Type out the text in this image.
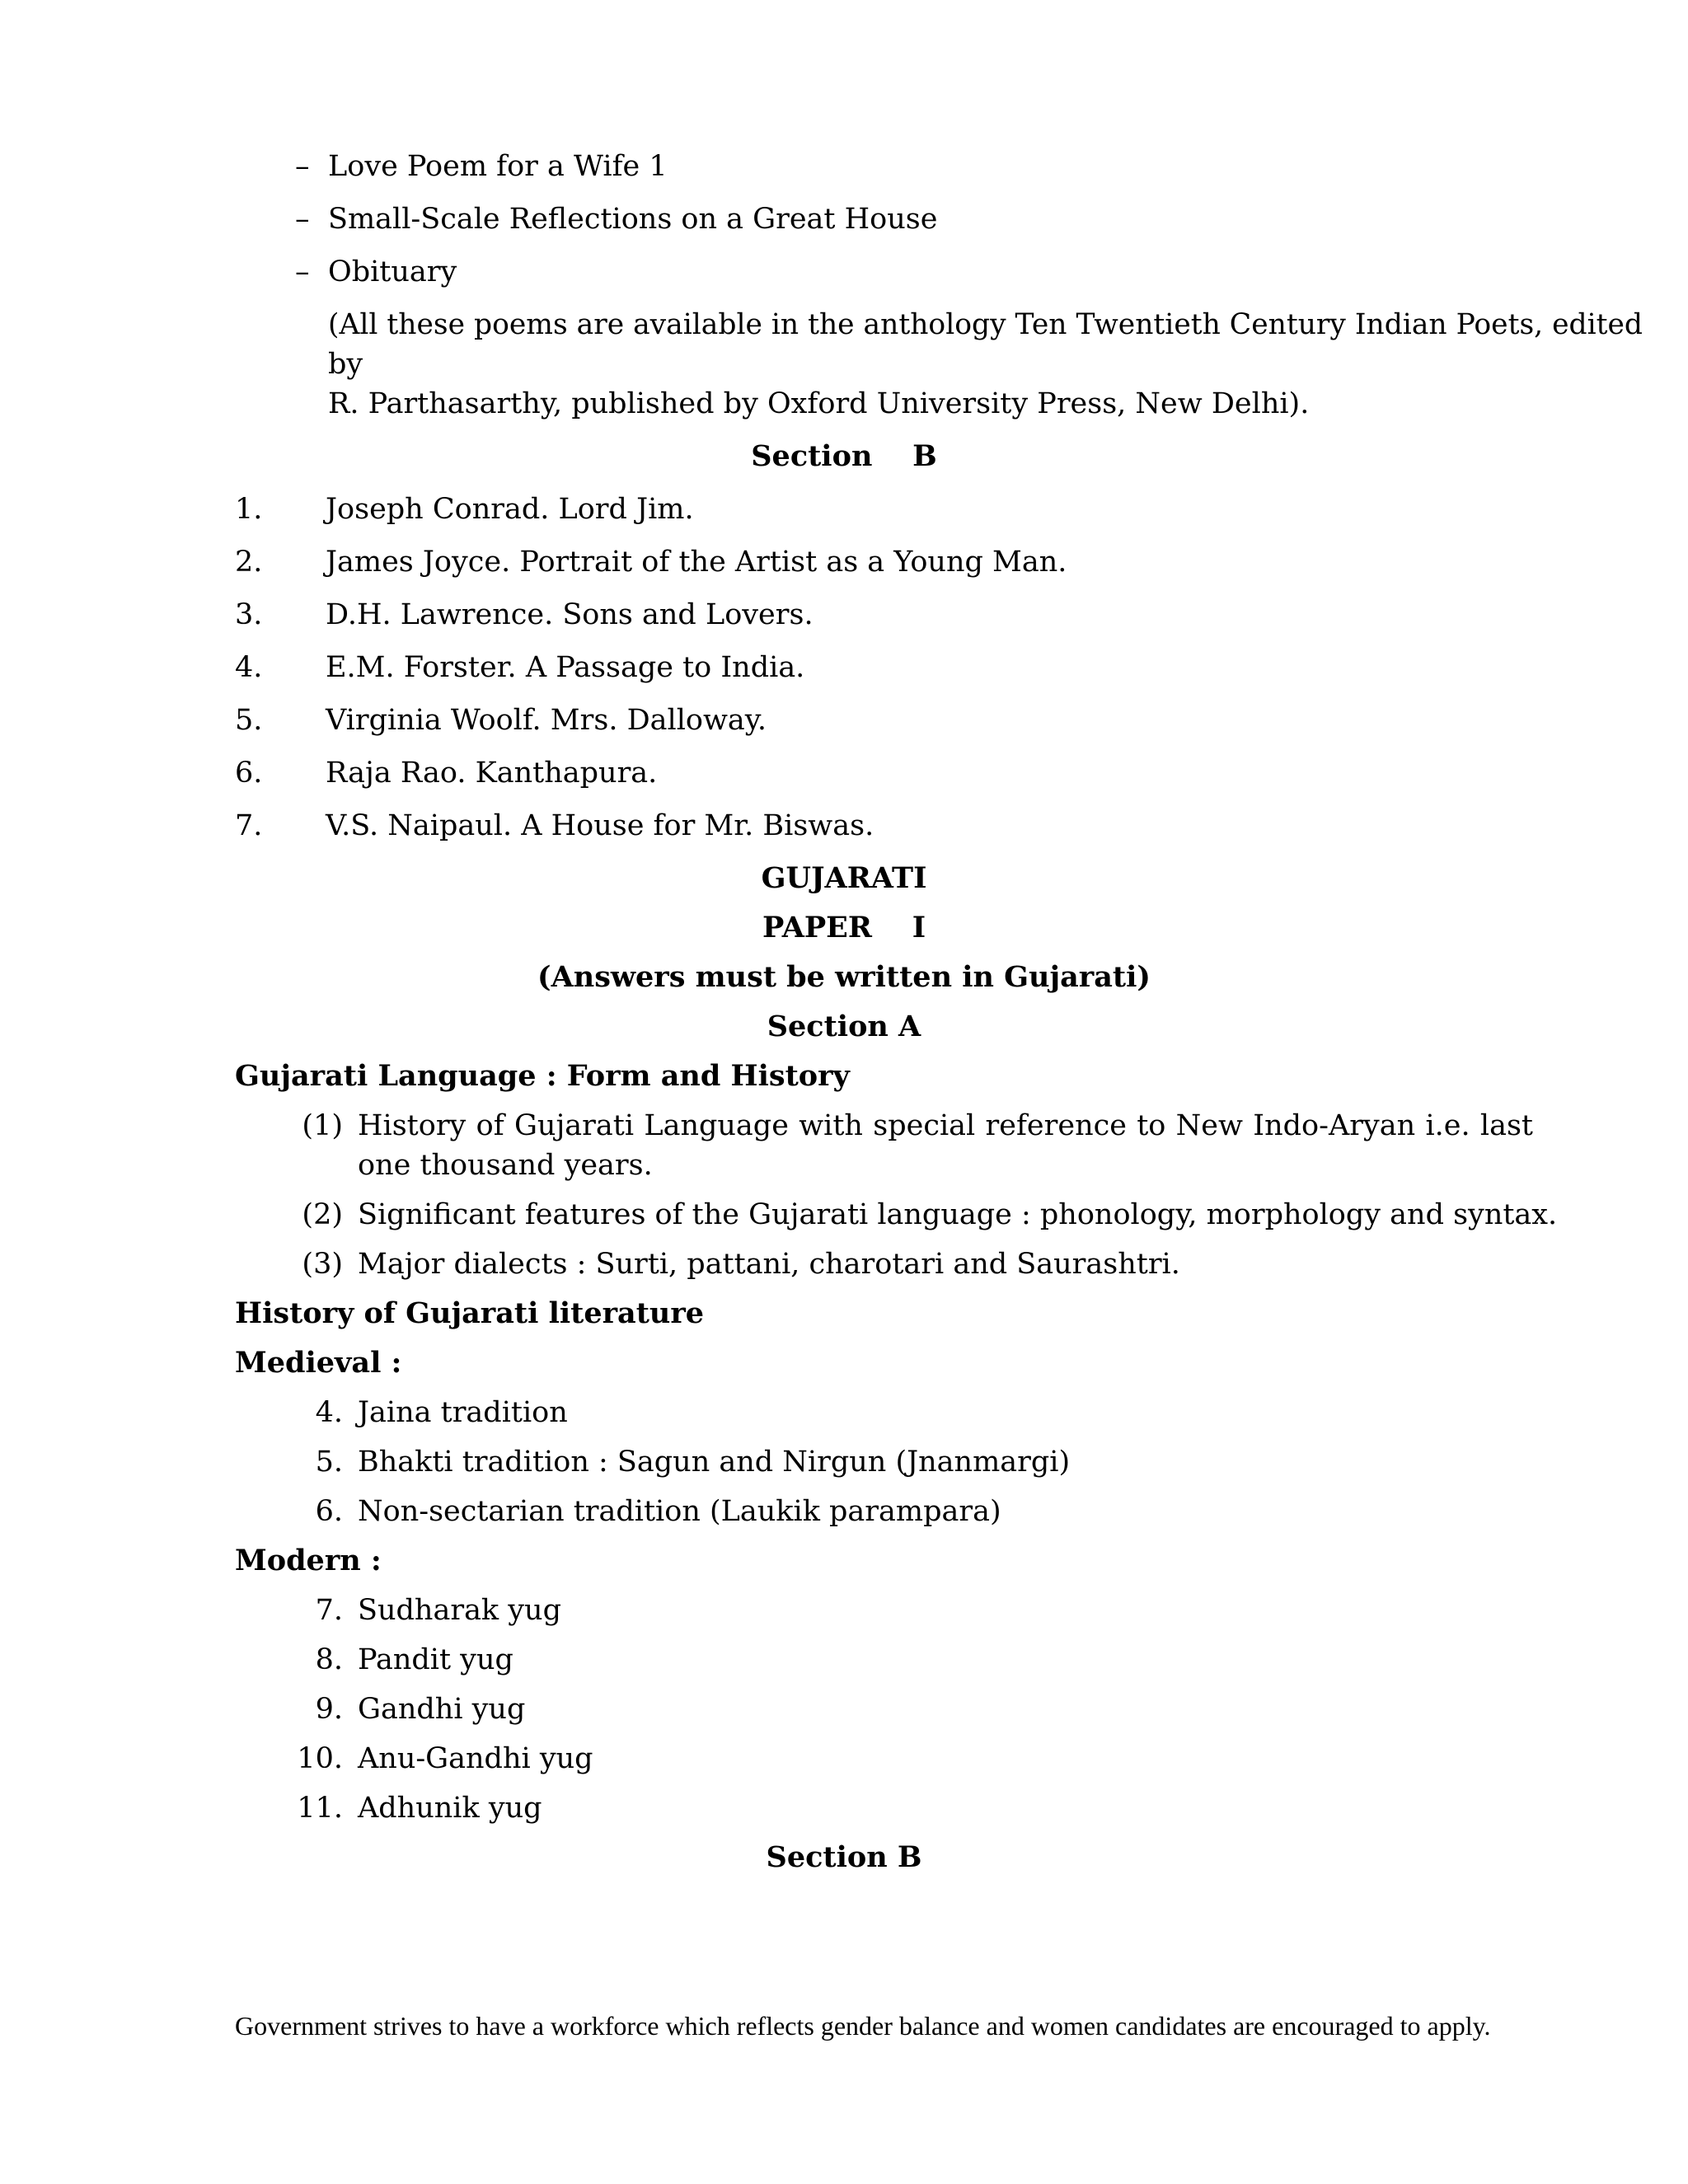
– Love Poem for a Wife 1
– Small-Scale Reflections on a Great House
– Obituary
(All these poems are available in the anthology Ten Twentieth Century Indian Poets, edited
by
R. Parthasarthy, published by Oxford University Press, New Delhi).
Section    B
1. Joseph Conrad. Lord Jim.
2. James Joyce. Portrait of the Artist as a Young Man.
3. D.H. Lawrence. Sons and Lovers.
4. E.M. Forster. A Passage to India.
5. Virginia Woolf. Mrs. Dalloway.
6. Raja Rao. Kanthapura.
7. V.S. Naipaul. A House for Mr. Biswas.
GUJARATI
PAPER    I
(Answers must be written in Gujarati)
Section A
Gujarati Language : Form and History
(1) History of Gujarati Language with special reference to New Indo-Aryan i.e. last one thousand years.
(2) Significant features of the Gujarati language : phonology, morphology and syntax.
(3) Major dialects : Surti, pattani, charotari and Saurashtri.
History of Gujarati literature
Medieval :
4. Jaina tradition
5. Bhakti tradition : Sagun and Nirgun (Jnanmargi)
6. Non-sectarian tradition (Laukik parampara)
Modern :
7. Sudharak yug
8. Pandit yug
9. Gandhi yug
10. Anu-Gandhi yug
11. Adhunik yug
Section B
Government strives to have a workforce which reflects gender balance and women candidates are encouraged to apply.
